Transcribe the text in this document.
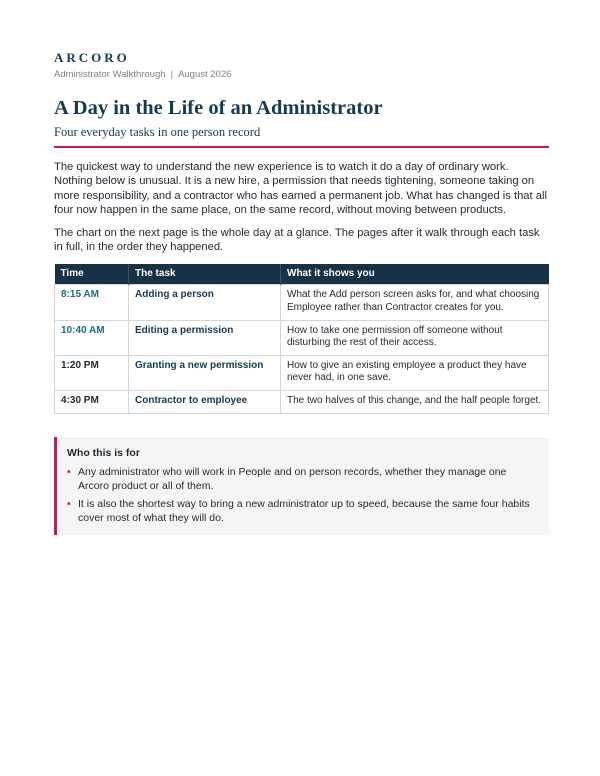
ARCORO
Administrator Walkthrough | August 2026
A Day in the Life of an Administrator
Four everyday tasks in one person record

The quickest way to understand the new experience is to watch it do a day of ordinary work. Nothing below is unusual. It is a new hire, a permission that needs tightening, someone taking on more responsibility, and a contractor who has earned a permanent job. What has changed is that all four now happen in the same place, on the same record, without moving between products.

The chart on the next page is the whole day at a glance. The pages after it walk through each task in full, in the order they happened.

Time	The task	What it shows you
8:15 AM	Adding a person	What the Add person screen asks for, and what choosing Employee rather than Contractor creates for you.
10:40 AM	Editing a permission	How to take one permission off someone without disturbing the rest of their access.
1:20 PM	Granting a new permission	How to give an existing employee a product they have never had, in one save.
4:30 PM	Contractor to employee	The two halves of this change, and the half people forget.
Who this is for
• Any administrator who will work in People and on person records, whether they manage one Arcoro product or all of them.
• It is also the shortest way to bring a new administrator up to speed, because the same four habits cover most of what they will do.
